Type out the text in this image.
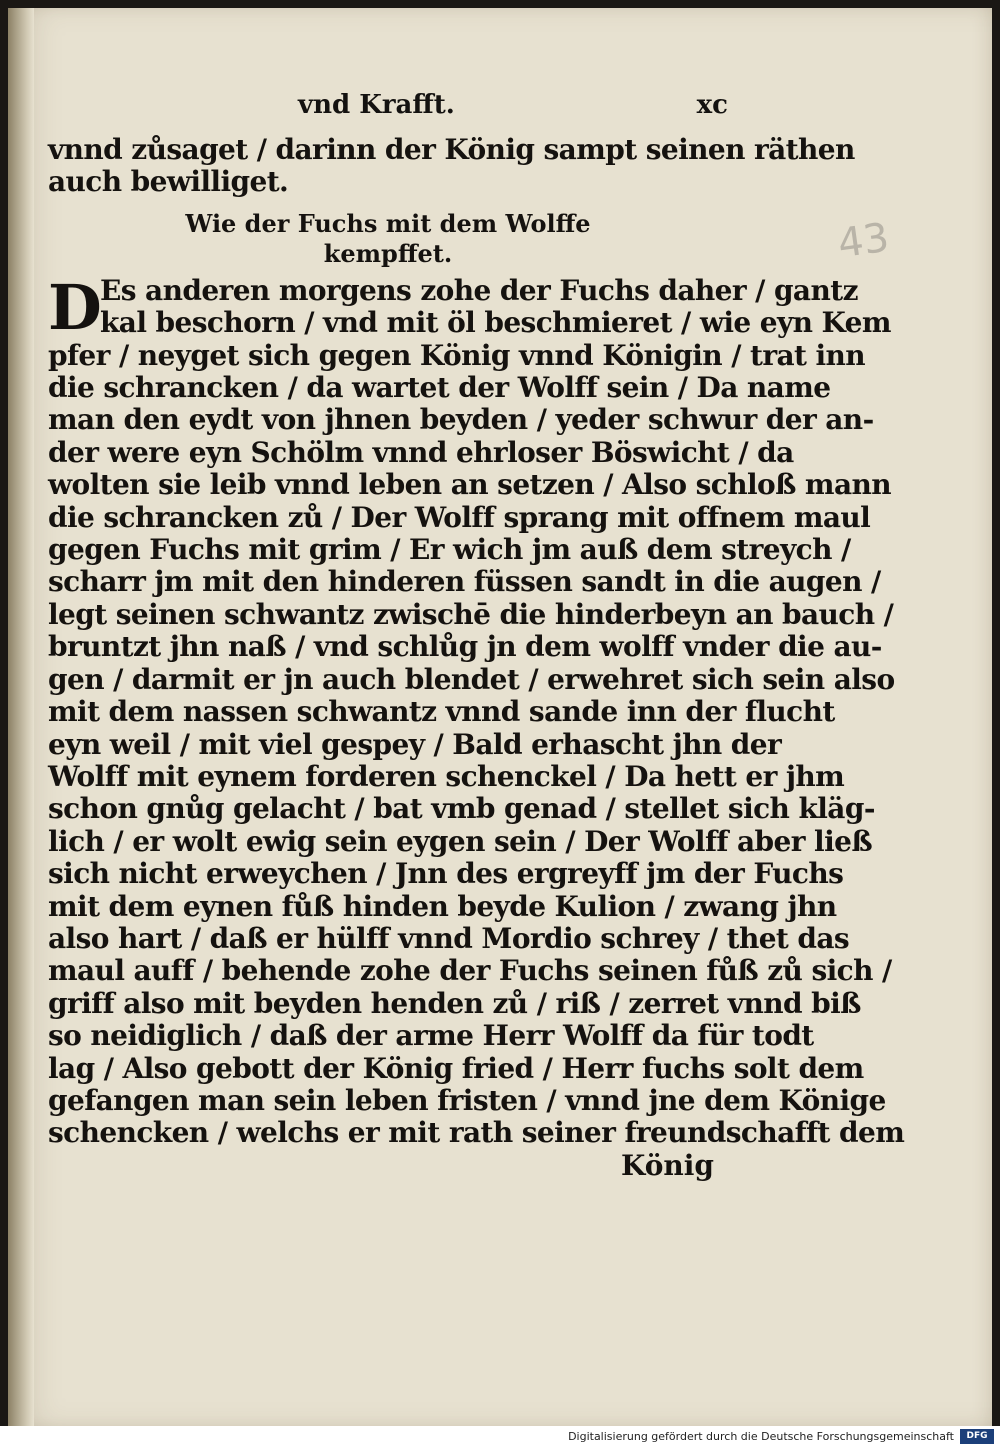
vnd Krafft.	xc
43
vnnd zůsaget / darinn der König sampt seinen räthen
auch bewilliget.
Wie der Fuchs mit dem Wolffe
kempffet.
D
Es anderen morgens zohe der Fuchs daher / gantz
kal beschorn / vnd mit öl beschmieret / wie eyn Kem
pfer / neyget sich gegen König vnnd Königin / trat inn
die schrancken / da wartet der Wolff sein / Da name
man den eydt von jhnen beyden / yeder schwur der an-
der were eyn Schölm vnnd ehrloser Böswicht / da
wolten sie leib vnnd leben an setzen / Also schloß mann
die schrancken zů / Der Wolff sprang mit offnem maul
gegen Fuchs mit grim / Er wich jm auß dem streych /
scharr jm mit den hinderen füssen sandt in die augen /
legt seinen schwantz zwischē die hinderbeyn an bauch /
bruntzt jhn naß / vnd schlůg jn dem wolff vnder die au-
gen / darmit er jn auch blendet / erwehret sich sein also
mit dem nassen schwantz vnnd sande inn der flucht
eyn weil / mit viel gespey / Bald erhascht jhn der
Wolff mit eynem forderen schenckel / Da hett er jhm
schon gnůg gelacht / bat vmb genad / stellet sich kläg-
lich / er wolt ewig sein eygen sein / Der Wolff aber ließ
sich nicht erweychen / Jnn des ergreyff jm der Fuchs
mit dem eynen fůß hinden beyde Kulion / zwang jhn
also hart / daß er hülff vnnd Mordio schrey / thet das
maul auff / behende zohe der Fuchs seinen fůß zů sich /
griff also mit beyden henden zů / riß / zerret vnnd biß
so neidiglich / daß der arme Herr Wolff da für todt
lag / Also gebott der König fried / Herr fuchs solt dem
gefangen man sein leben fristen / vnnd jne dem Könige
schencken / welchs er mit rath seiner freundschafft dem
König
Digitalisierung gefördert durch die Deutsche Forschungsgemeinschaft	DFG
